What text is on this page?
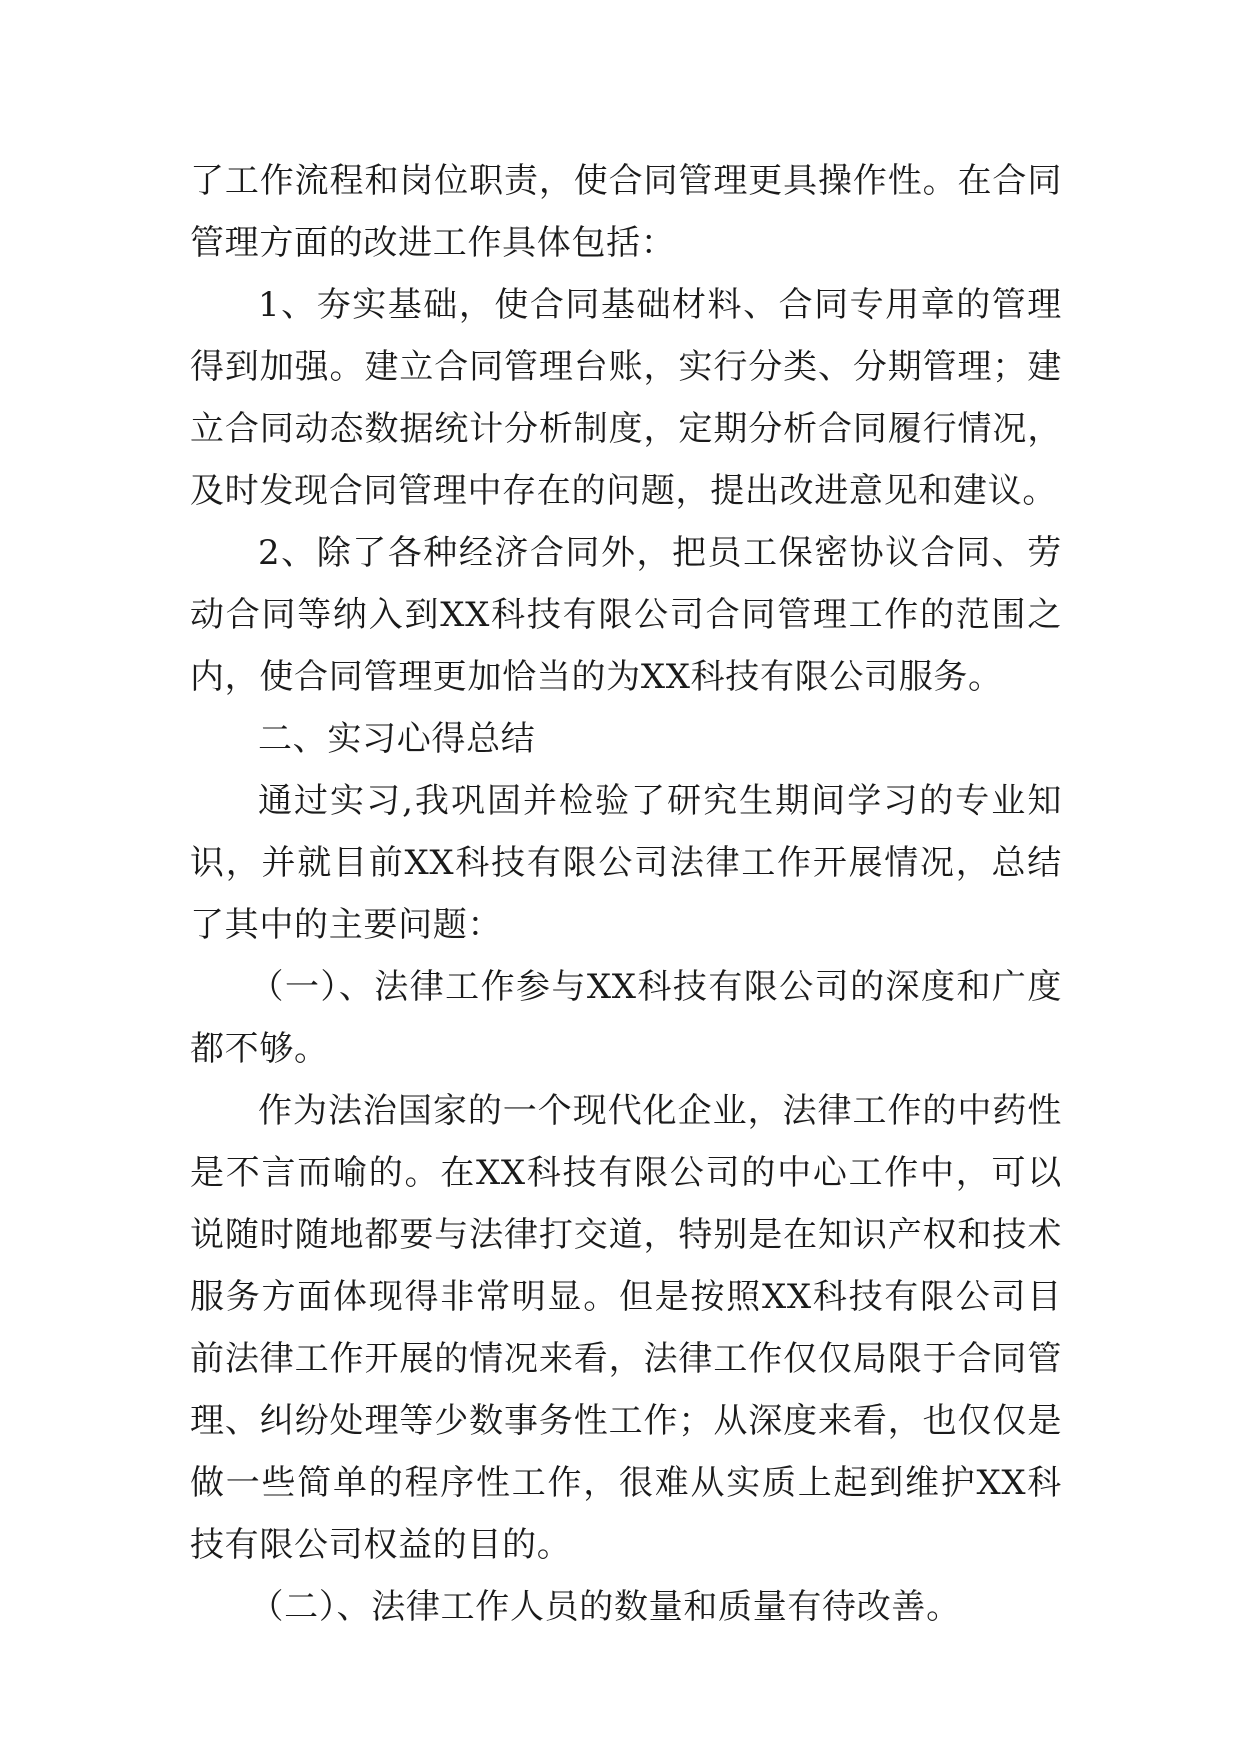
了工作流程和岗位职责，使合同管理更具操作性。在合同管理方面的改进工作具体包括：

1、夯实基础，使合同基础材料、合同专用章的管理得到加强。建立合同管理台账，实行分类、分期管理；建立合同动态数据统计分析制度，定期分析合同履行情况，及时发现合同管理中存在的问题，提出改进意见和建议。

2、除了各种经济合同外，把员工保密协议合同、劳动合同等纳入到XX科技有限公司合同管理工作的范围之内，使合同管理更加恰当的为XX科技有限公司服务。

二、实习心得总结

通过实习,我巩固并检验了研究生期间学习的专业知识，并就目前XX科技有限公司法律工作开展情况，总结了其中的主要问题：

（一）、法律工作参与XX科技有限公司的深度和广度都不够。

作为法治国家的一个现代化企业，法律工作的中药性是不言而喻的。在XX科技有限公司的中心工作中，可以说随时随地都要与法律打交道，特别是在知识产权和技术服务方面体现得非常明显。但是按照XX科技有限公司目前法律工作开展的情况来看，法律工作仅仅局限于合同管理、纠纷处理等少数事务性工作；从深度来看，也仅仅是做一些简单的程序性工作，很难从实质上起到维护XX科技有限公司权益的目的。

（二）、法律工作人员的数量和质量有待改善。
